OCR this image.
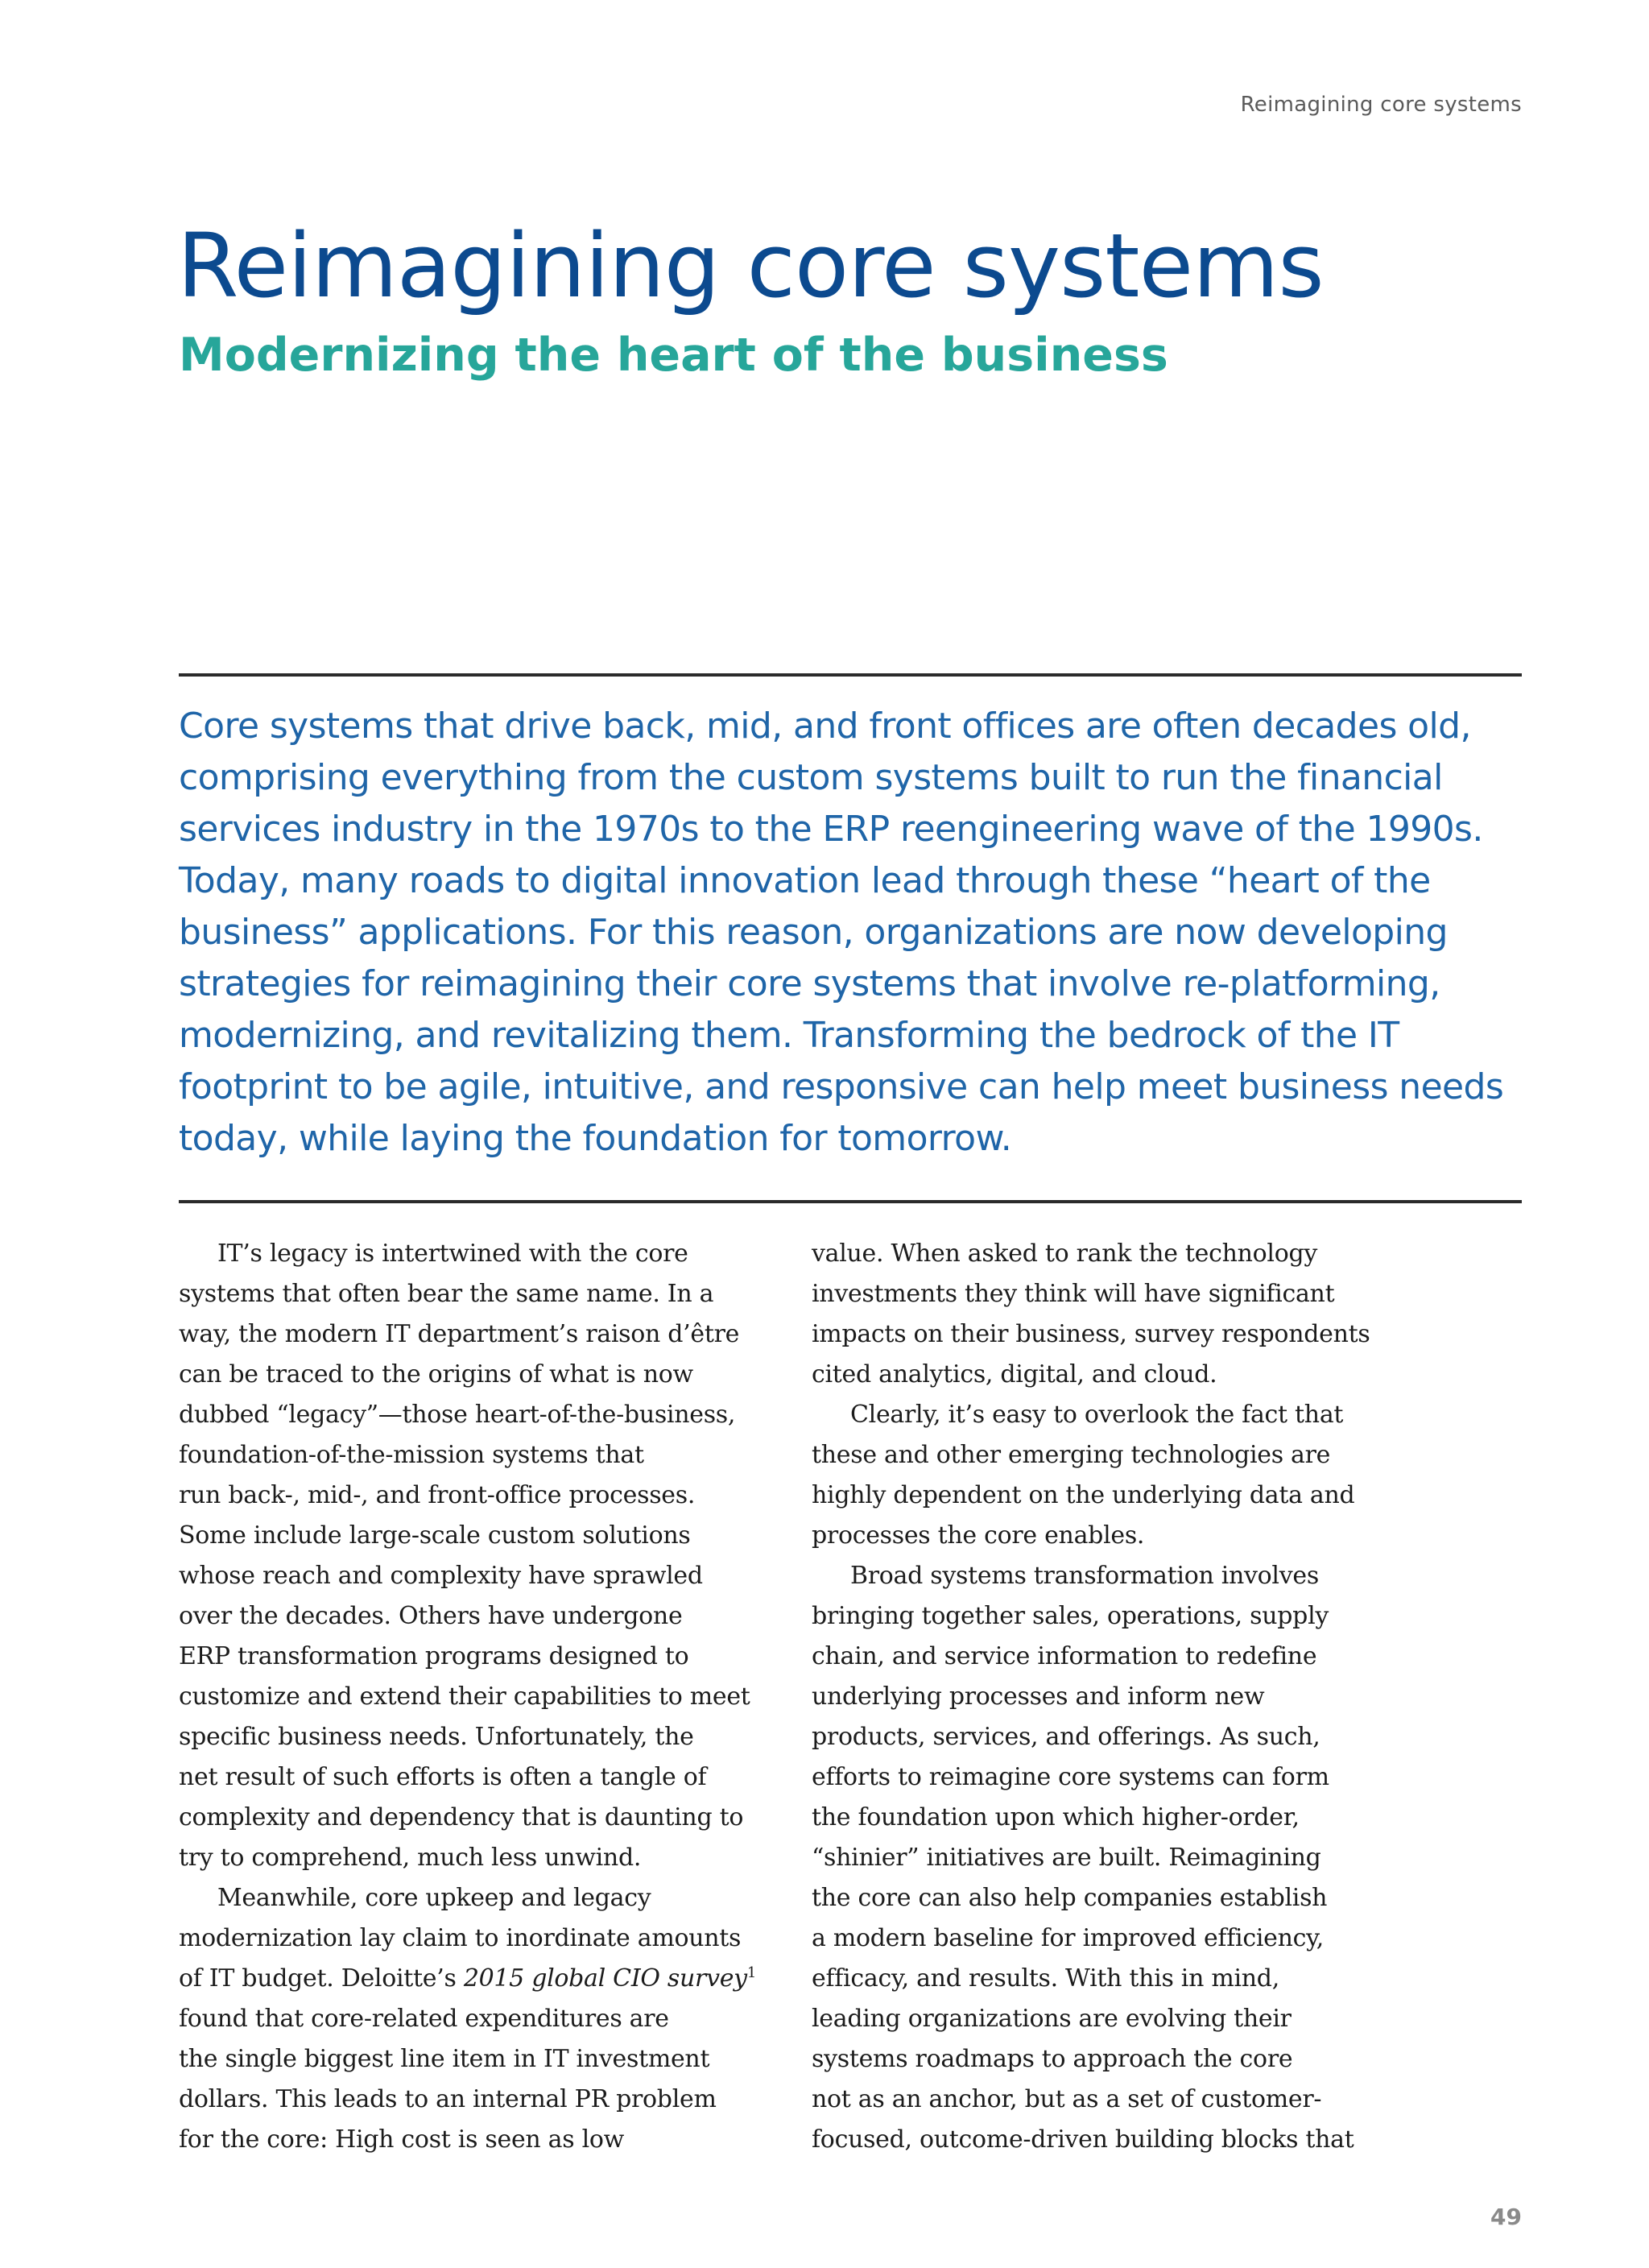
Reimagining core systems
Reimagining core systems
Modernizing the heart of the business

Core systems that drive back, mid, and front offices are often decades old,
comprising everything from the custom systems built to run the financial
services industry in the 1970s to the ERP reengineering wave of the 1990s.
Today, many roads to digital innovation lead through these “heart of the
business” applications. For this reason, organizations are now developing
strategies for reimagining their core systems that involve re-platforming,
modernizing, and revitalizing them. Transforming the bedrock of the IT
footprint to be agile, intuitive, and responsive can help meet business needs
today, while laying the foundation for tomorrow.

IT’s legacy is intertwined with the core
systems that often bear the same name. In a
way, the modern IT department’s raison d’être
can be traced to the origins of what is now
dubbed “legacy”—those heart-of-the-business,
foundation-of-the-mission systems that
run back-, mid-, and front-office processes.
Some include large-scale custom solutions
whose reach and complexity have sprawled
over the decades. Others have undergone
ERP transformation programs designed to
customize and extend their capabilities to meet
specific business needs. Unfortunately, the
net result of such efforts is often a tangle of
complexity and dependency that is daunting to
try to comprehend, much less unwind.
Meanwhile, core upkeep and legacy
modernization lay claim to inordinate amounts
of IT budget. Deloitte’s 2015 global CIO survey$^1$
found that core-related expenditures are
the single biggest line item in IT investment
dollars. This leads to an internal PR problem
for the core: High cost is seen as low
value. When asked to rank the technology
investments they think will have significant
impacts on their business, survey respondents
cited analytics, digital, and cloud.
Clearly, it’s easy to overlook the fact that
these and other emerging technologies are
highly dependent on the underlying data and
processes the core enables.
Broad systems transformation involves
bringing together sales, operations, supply
chain, and service information to redefine
underlying processes and inform new
products, services, and offerings. As such,
efforts to reimagine core systems can form
the foundation upon which higher-order,
“shinier” initiatives are built. Reimagining
the core can also help companies establish
a modern baseline for improved efficiency,
efficacy, and results. With this in mind,
leading organizations are evolving their
systems roadmaps to approach the core
not as an anchor, but as a set of customer-
focused, outcome-driven building blocks that
49
